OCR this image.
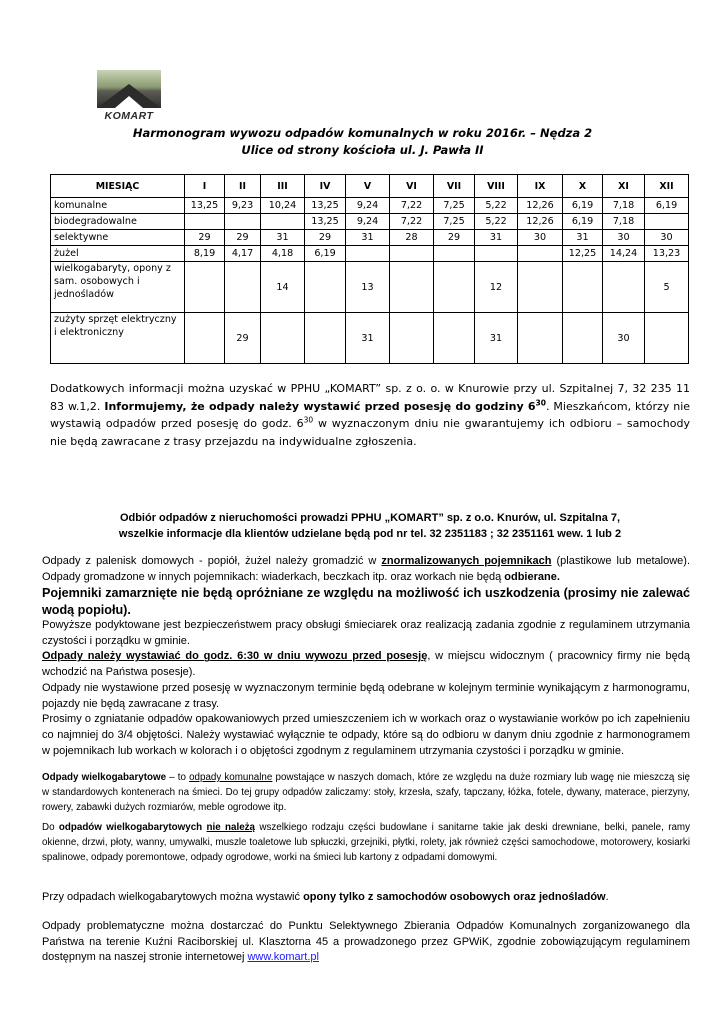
KOMART
Harmonogram wywozu odpadów komunalnych w roku 2016r. – Nędza 2
Ulice od strony kościoła ul. J. Pawła II
MIESIĄC	I	II	III	IV	V	VI	VII	VIII	IX	X	XI	XII
komunalne	13,25	9,23	10,24	13,25	9,24	7,22	7,25	5,22	12,26	6,19	7,18	6,19
biodegradowalne				13,25	9,24	7,22	7,25	5,22	12,26	6,19	7,18	
selektywne	29	29	31	29	31	28	29	31	30	31	30	30
żużel	8,19	4,17	4,18	6,19						12,25	14,24	13,23
wielkogabaryty, opony z sam. osobowych i jednośladów			14		13			12				5
zużyty sprzęt elektryczny i elektroniczny		29			31			31			30	
Dodatkowych informacji można uzyskać w PPHU „KOMART” sp. z o. o. w Knurowie przy ul. Szpitalnej 7, 32 235 11 83 w.1,2. Informujemy, że odpady należy wystawić przed posesję do godziny $6^{30}$. Mieszkańcom, którzy nie wystawią odpadów przed posesję do godz. $6^{30}$ w wyznaczonym dniu nie gwarantujemy ich odbioru – samochody nie będą zawracane z trasy przejazdu na indywidualne zgłoszenia.
Odbiór odpadów z nieruchomości prowadzi PPHU „KOMART” sp. z o.o. Knurów, ul. Szpitalna 7,
wszelkie informacje dla klientów udzielane będą pod nr tel. 32 2351183 ; 32 2351161 wew. 1 lub 2

Odpady z palenisk domowych - popiół, żużel należy gromadzić w znormalizowanych pojemnikach (plastikowe lub metalowe). Odpady gromadzone w innych pojemnikach: wiaderkach, beczkach itp. oraz workach nie będą odbierane.

Pojemniki zamarznięte nie będą opróżniane ze względu na możliwość ich uszkodzenia (prosimy nie zalewać wodą popiołu).

Powyższe podyktowane jest bezpieczeństwem pracy obsługi śmieciarek oraz realizacją zadania zgodnie z regulaminem utrzymania czystości i porządku w gminie.

Odpady należy wystawiać do godz. 6:30 w dniu wywozu przed posesję, w miejscu widocznym ( pracownicy firmy nie będą wchodzić na Państwa posesje).

Odpady nie wystawione przed posesję w wyznaczonym terminie będą odebrane w kolejnym terminie wynikającym z harmonogramu, pojazdy nie będą zawracane z trasy.

Prosimy o zgniatanie odpadów opakowaniowych przed umieszczeniem ich w workach oraz o wystawianie worków po ich zapełnieniu co najmniej do 3/4 objętości. Należy wystawiać wyłącznie te odpady, które są do odbioru w danym dniu zgodnie z harmonogramem w pojemnikach lub workach w kolorach i o objętości zgodnym z regulaminem utrzymania czystości i porządku w gminie.

Odpady wielkogabarytowe – to odpady komunalne powstające w naszych domach, które ze względu na duże rozmiary lub wagę nie mieszczą się w standardowych kontenerach na śmieci. Do tej grupy odpadów zaliczamy: stoły, krzesła, szafy, tapczany, łóżka, fotele, dywany, materace, pierzyny, rowery, zabawki dużych rozmiarów, meble ogrodowe itp.
Do odpadów wielkogabarytowych nie należą wszelkiego rodzaju części budowlane i sanitarne takie jak deski drewniane, belki, panele, ramy okienne, drzwi, płoty, wanny, umywalki, muszle toaletowe lub spłuczki, grzejniki, płytki, rolety, jak również części samochodowe, motorowery, kosiarki spalinowe, odpady poremontowe, odpady ogrodowe, worki na śmieci lub kartony z odpadami domowymi.
Przy odpadach wielkogabarytowych można wystawić opony tylko z samochodów osobowych oraz jednośladów.
Odpady problematyczne można dostarczać do Punktu Selektywnego Zbierania Odpadów Komunalnych zorganizowanego dla Państwa na terenie Kuźni Raciborskiej ul. Klasztorna 45 a prowadzonego przez GPWiK, zgodnie zobowiązującym regulaminem dostępnym na naszej stronie internetowej www.komart.pl
